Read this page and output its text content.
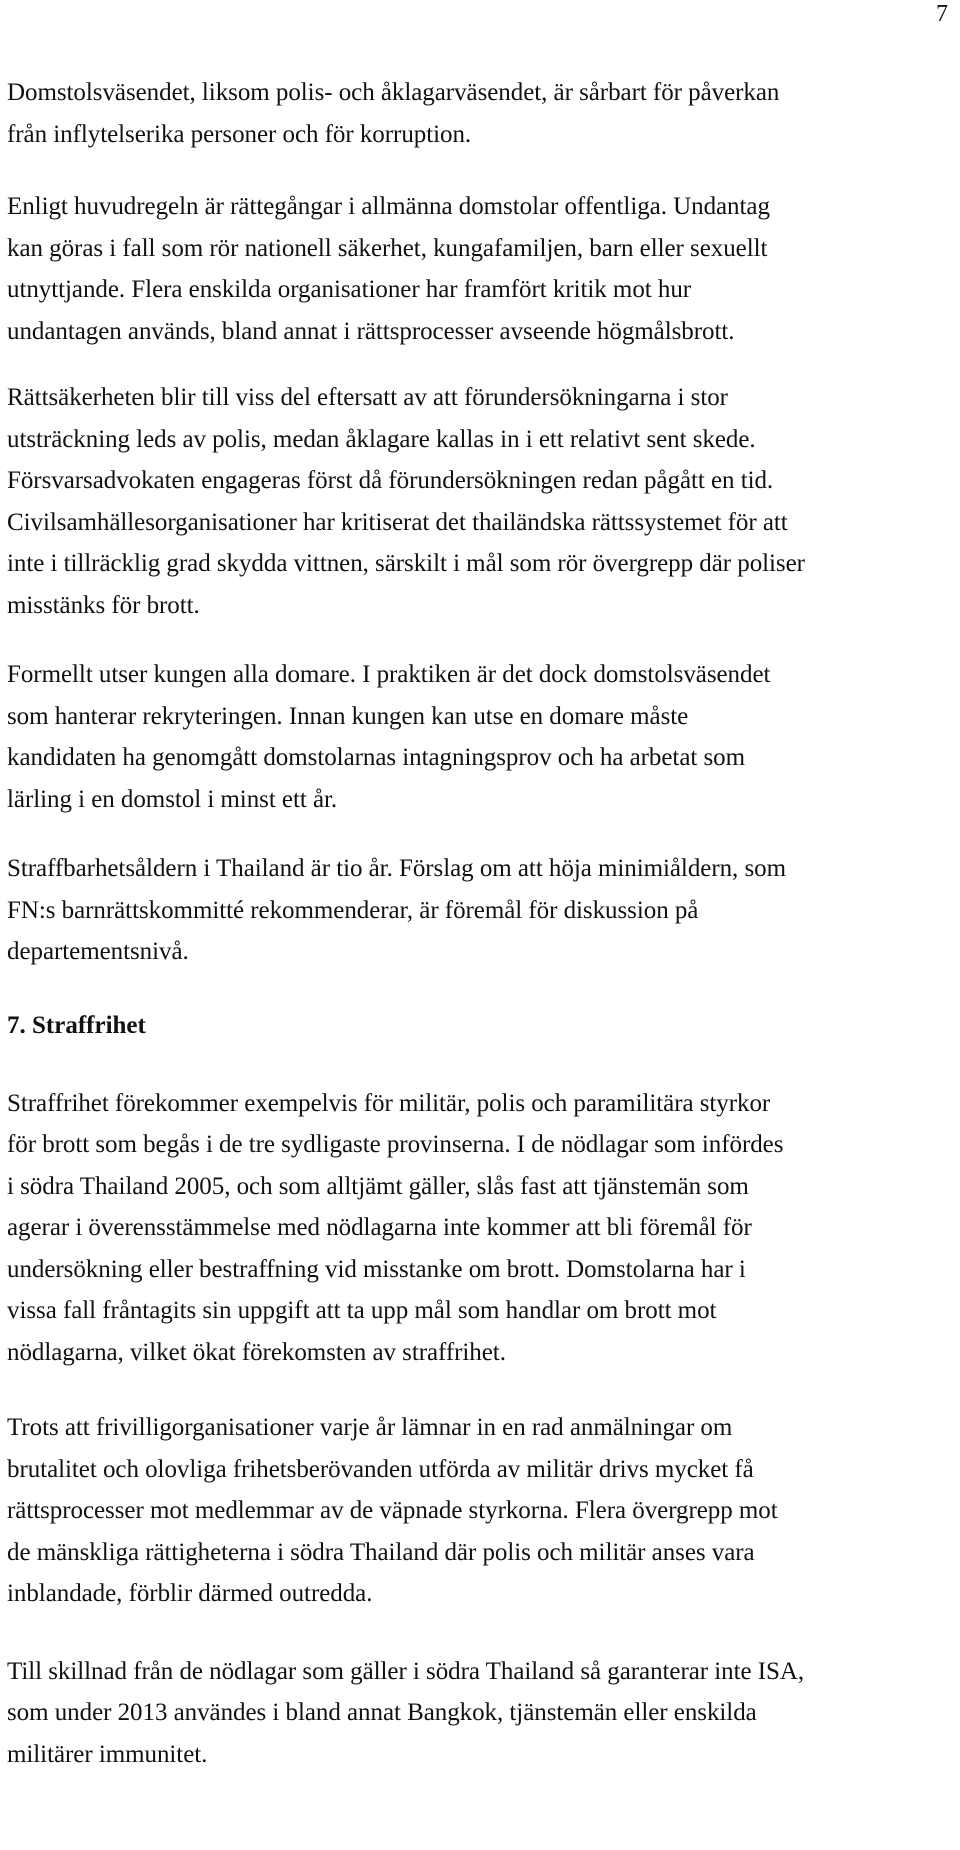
7

Domstolsväsendet, liksom polis- och åklagarväsendet, är sårbart för påverkan
från inflytelserika personer och för korruption.

Enligt huvudregeln är rättegångar i allmänna domstolar offentliga. Undantag
kan göras i fall som rör nationell säkerhet, kungafamiljen, barn eller sexuellt
utnyttjande. Flera enskilda organisationer har framfört kritik mot hur
undantagen används, bland annat i rättsprocesser avseende högmålsbrott.

Rättsäkerheten blir till viss del eftersatt av att förundersökningarna i stor
utsträckning leds av polis, medan åklagare kallas in i ett relativt sent skede.
Försvarsadvokaten engageras först då förundersökningen redan pågått en tid.
Civilsamhällesorganisationer har kritiserat det thailändska rättssystemet för att
inte i tillräcklig grad skydda vittnen, särskilt i mål som rör övergrepp där poliser
misstänks för brott.

Formellt utser kungen alla domare. I praktiken är det dock domstolsväsendet
som hanterar rekryteringen. Innan kungen kan utse en domare måste
kandidaten ha genomgått domstolarnas intagningsprov och ha arbetat som
lärling i en domstol i minst ett år.

Straffbarhetsåldern i Thailand är tio år. Förslag om att höja minimiåldern, som
FN:s barnrättskommitté rekommenderar, är föremål för diskussion på
departementsnivå.

7. Straffrihet

Straffrihet förekommer exempelvis för militär, polis och paramilitära styrkor
för brott som begås i de tre sydligaste provinserna. I de nödlagar som infördes
i södra Thailand 2005, och som alltjämt gäller, slås fast att tjänstemän som
agerar i överensstämmelse med nödlagarna inte kommer att bli föremål för
undersökning eller bestraffning vid misstanke om brott. Domstolarna har i
vissa fall fråntagits sin uppgift att ta upp mål som handlar om brott mot
nödlagarna, vilket ökat förekomsten av straffrihet.

Trots att frivilligorganisationer varje år lämnar in en rad anmälningar om
brutalitet och olovliga frihetsberövanden utförda av militär drivs mycket få
rättsprocesser mot medlemmar av de väpnade styrkorna. Flera övergrepp mot
de mänskliga rättigheterna i södra Thailand där polis och militär anses vara
inblandade, förblir därmed outredda.

Till skillnad från de nödlagar som gäller i södra Thailand så garanterar inte ISA,
som under 2013 användes i bland annat Bangkok, tjänstemän eller enskilda
militärer immunitet.
